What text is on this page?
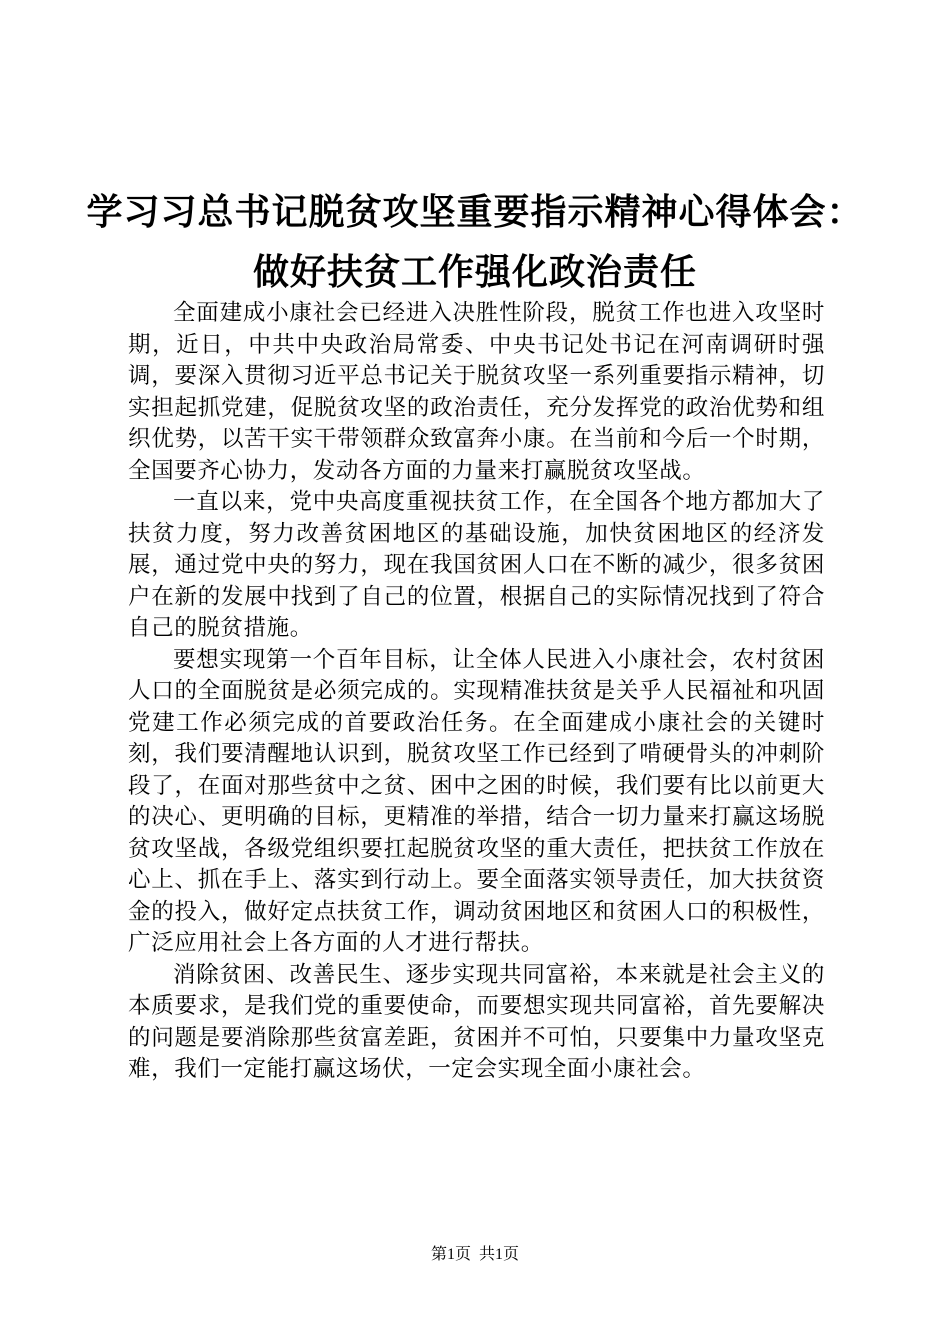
学习习总书记脱贫攻坚重要指示精神心得体会：
做好扶贫工作强化政治责任

全面建成小康社会已经进入决胜性阶段，脱贫工作也进入攻坚时期，近日，中共中央政治局常委、中央书记处书记在河南调研时强调，要深入贯彻习近平总书记关于脱贫攻坚一系列重要指示精神，切实担起抓党建，促脱贫攻坚的政治责任，充分发挥党的政治优势和组织优势，以苦干实干带领群众致富奔小康。在当前和今后一个时期，全国要齐心协力，发动各方面的力量来打赢脱贫攻坚战。

一直以来，党中央高度重视扶贫工作，在全国各个地方都加大了扶贫力度，努力改善贫困地区的基础设施，加快贫困地区的经济发展，通过党中央的努力，现在我国贫困人口在不断的减少，很多贫困户在新的发展中找到了自己的位置，根据自己的实际情况找到了符合自己的脱贫措施。

要想实现第一个百年目标，让全体人民进入小康社会，农村贫困人口的全面脱贫是必须完成的。实现精准扶贫是关乎人民福祉和巩固党建工作必须完成的首要政治任务。在全面建成小康社会的关键时刻，我们要清醒地认识到，脱贫攻坚工作已经到了啃硬骨头的冲刺阶段了，在面对那些贫中之贫、困中之困的时候，我们要有比以前更大的决心、更明确的目标，更精准的举措，结合一切力量来打赢这场脱贫攻坚战，各级党组织要扛起脱贫攻坚的重大责任，把扶贫工作放在心上、抓在手上、落实到行动上。要全面落实领导责任，加大扶贫资金的投入，做好定点扶贫工作，调动贫困地区和贫困人口的积极性，广泛应用社会上各方面的人才进行帮扶。

消除贫困、改善民生、逐步实现共同富裕，本来就是社会主义的本质要求，是我们党的重要使命，而要想实现共同富裕，首先要解决的问题是要消除那些贫富差距，贫困并不可怕，只要集中力量攻坚克难，我们一定能打赢这场伏，一定会实现全面小康社会。

第1页  共1页
